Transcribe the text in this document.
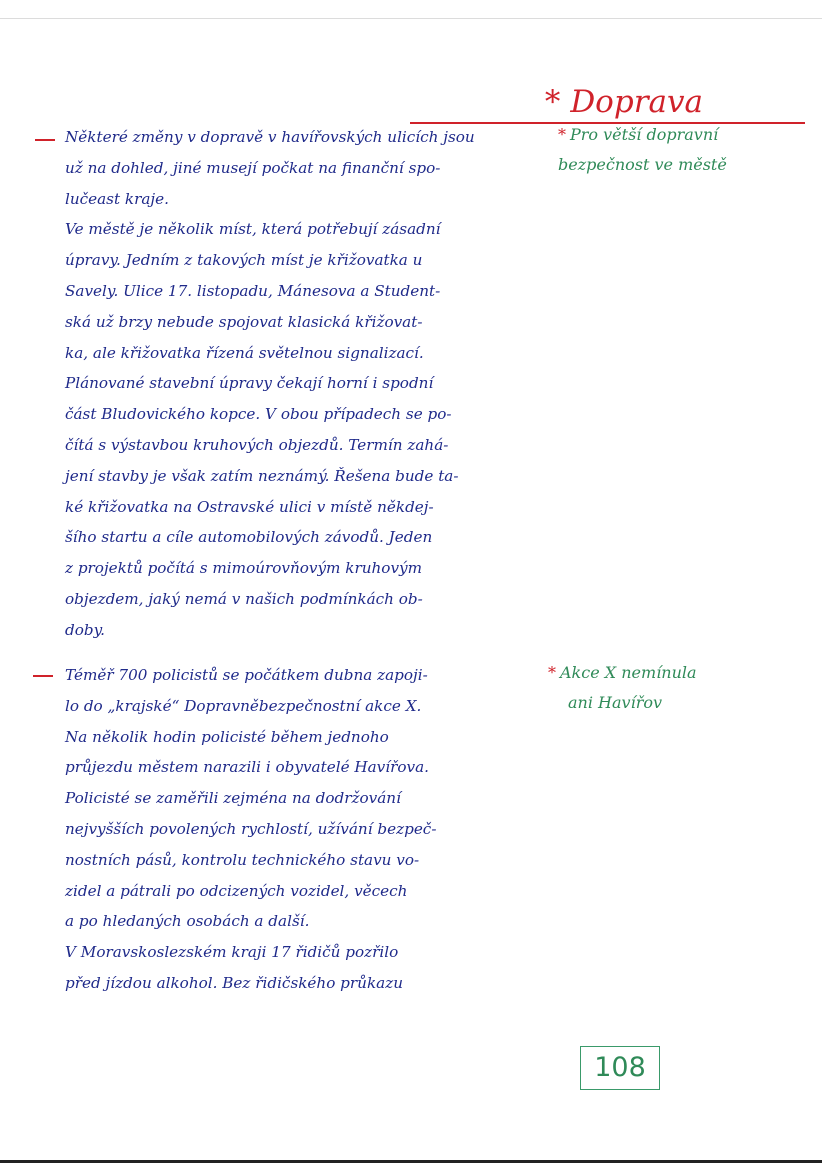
* Doprava
Některé změny v dopravě v havířovských ulicích jsou
už na dohled, jiné musejí počkat na finanční spo-
lučeast kraje.
Ve městě je několik míst, která potřebují zásadní
úpravy. Jedním z takových míst je křižovatka u
Savely. Ulice 17. listopadu, Mánesova a Student-
ská už brzy nebude spojovat klasická křižovat-
ka, ale křižovatka řízená světelnou signalizací.
Plánované stavební úpravy čekají horní i spodní
část Bludovického kopce. V obou případech se po-
čítá s výstavbou kruhových objezdů. Termín zahá-
jení stavby je však zatím neznámý. Řešena bude ta-
ké křižovatka na Ostravské ulici v místě někdej-
šího startu a cíle automobilových závodů. Jeden
z projektů počítá s mimoúrovňovým kruhovým
objezdem, jaký nemá v našich podmínkách ob-
doby.
* Pro větší dopravní
bezpečnost ve městě
Téměř 700 policistů se počátkem dubna zapoji-
lo do „krajské“ Dopravněbezpečnostní akce X.
Na několik hodin policisté během jednoho
průjezdu městem narazili i obyvatelé Havířova.
Policisté se zaměřili zejména na dodržování
nejvyšších povolených rychlostí, užívání bezpeč-
nostních pásů, kontrolu technického stavu vo-
zidel a pátrali po odcizených vozidel, věcech
a po hledaných osobách a další.
V Moravskoslezském kraji 17 řidičů pozřilo
před jízdou alkohol. Bez řidičského průkazu
* Akce X nemínula
ani Havířov
108
